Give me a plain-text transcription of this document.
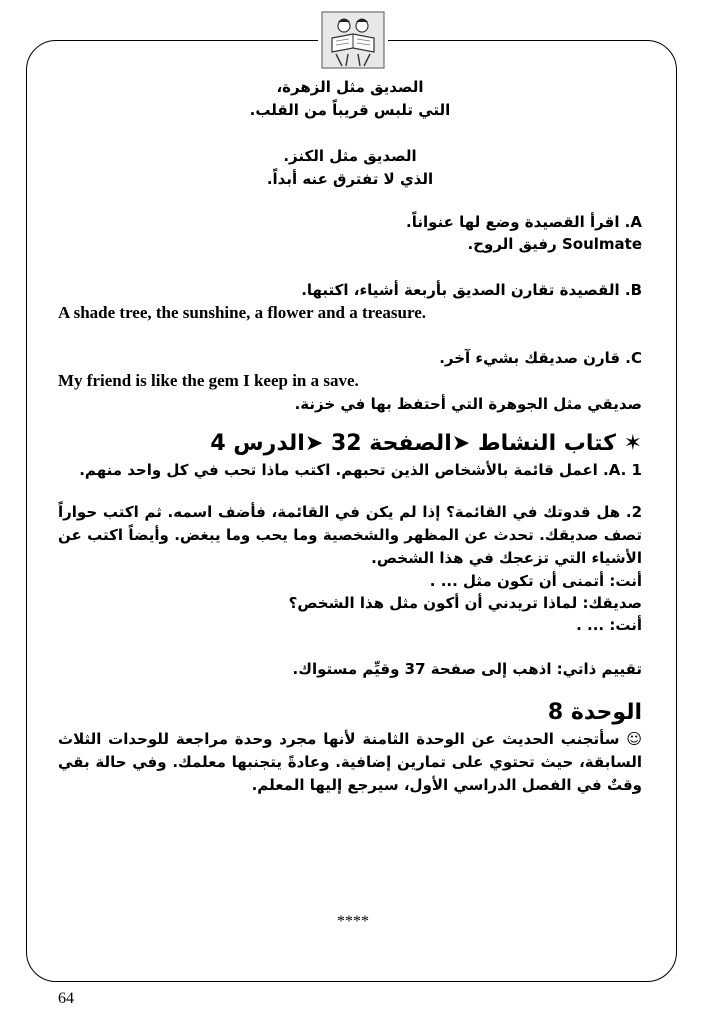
الصديق مثل الزهرة،
التي تلبس قريباً من القلب.
الصديق مثل الكنز.
الذي لا تفترق عنه أبداً.
A. اقرأ القصيدة وضع لها عنواناً.
Soulmate رفيق الروح.
B. القصيدة تقارن الصديق بأربعة أشياء، اكتبها.
A shade tree, the sunshine, a flower and a treasure.
C. قارن صديقك بشيء آخر.
My friend is like the gem I keep in a save.
صديقي مثل الجوهرة التي أحتفظ بها في خزنة.
✶ كتاب النشاط ➤الصفحة 32 ➤الدرس 4
A. 1. اعمل قائمة بالأشخاص الذين تحبهم. اكتب ماذا تحب في كل واحد منهم.
2. هل قدوتك في القائمة؟ إذا لم يكن في القائمة، فأضف اسمه. ثم اكتب حواراً تصف صديقك. تحدث عن المظهر والشخصية وما يحب وما يبغض. وأيضاً اكتب عن الأشياء التي تزعجك في هذا الشخص.
أنت: أتمنى أن تكون مثل ... .
صديقك: لماذا تريدني أن أكون مثل هذا الشخص؟
أنت: ... .
تقييم ذاتي: اذهب إلى صفحة 37 وقيِّم مستواك.
الوحدة 8
☺ سأتجنب الحديث عن الوحدة الثامنة لأنها مجرد وحدة مراجعة للوحدات الثلاث السابقة، حيث تحتوي على تمارين إضافية. وعادةً يتجنبها معلمك. وفي حالة بقي وقتٌ في الفصل الدراسي الأول، سيرجع إليها المعلم.
****
64
